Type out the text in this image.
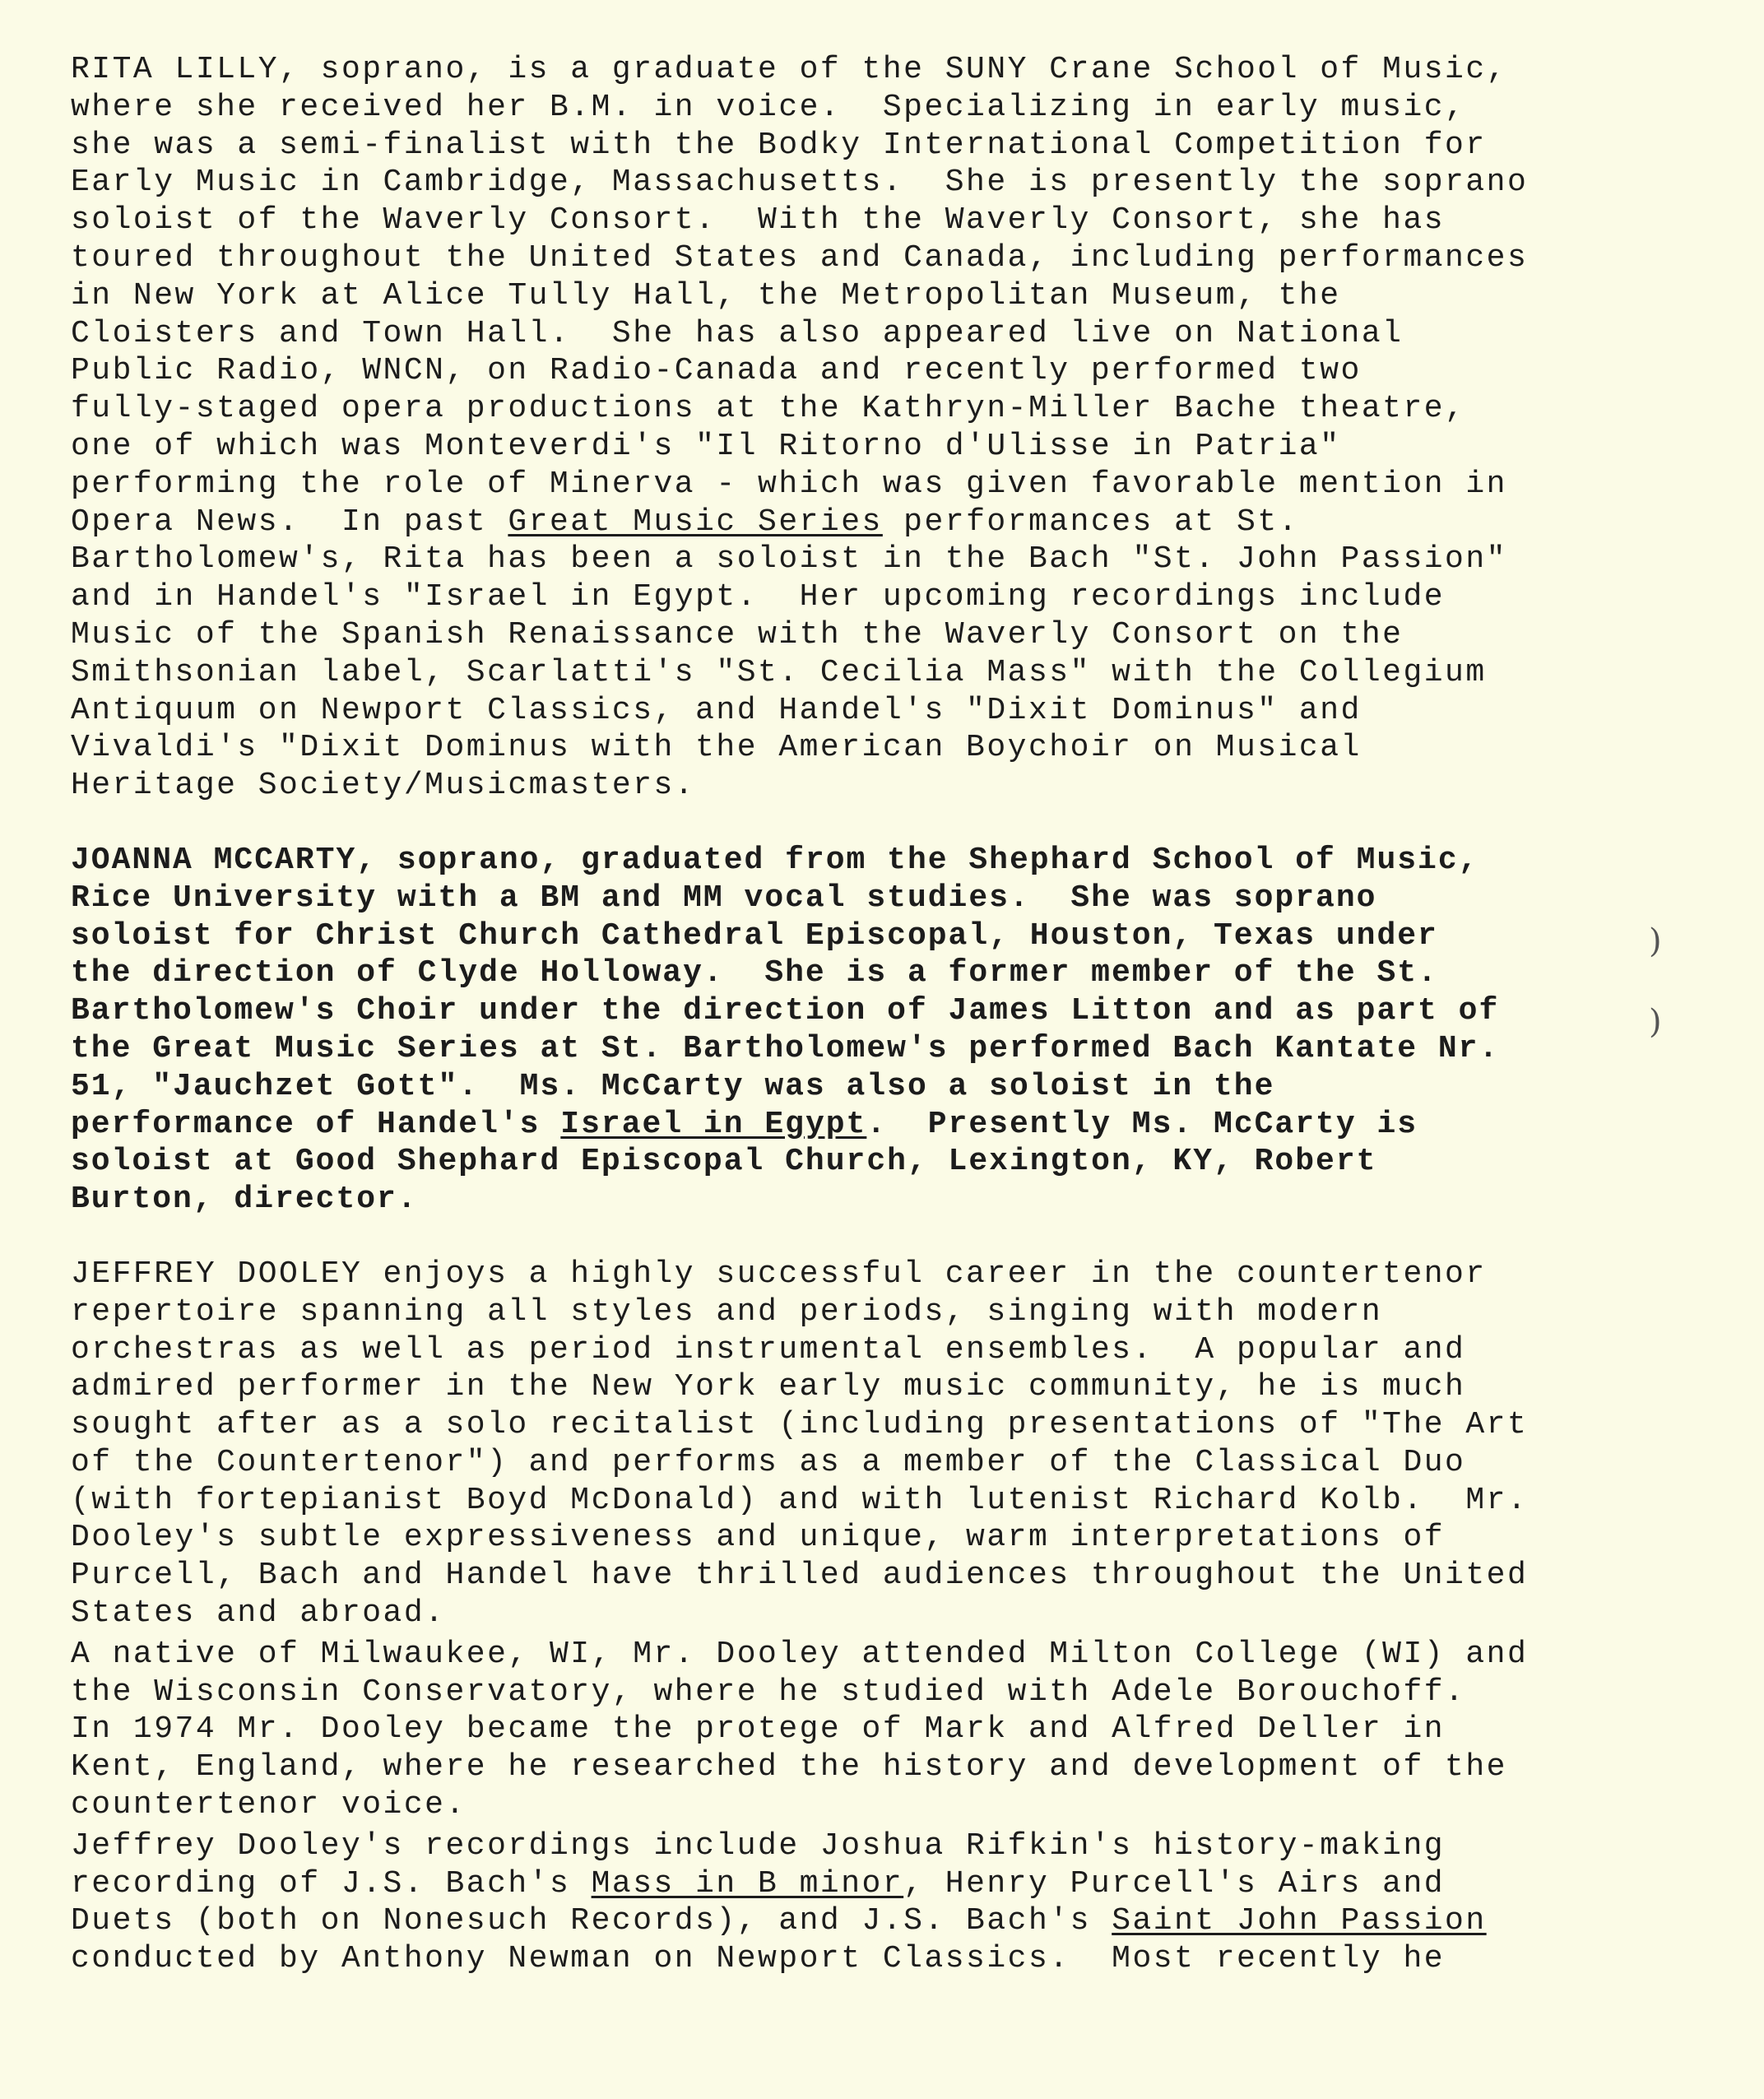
RITA LILLY, soprano, is a graduate of the SUNY Crane School of Music,
where she received her B.M. in voice.  Specializing in early music,
she was a semi-finalist with the Bodky International Competition for
Early Music in Cambridge, Massachusetts.  She is presently the soprano
soloist of the Waverly Consort.  With the Waverly Consort, she has
toured throughout the United States and Canada, including performances
in New York at Alice Tully Hall, the Metropolitan Museum, the
Cloisters and Town Hall.  She has also appeared live on National
Public Radio, WNCN, on Radio-Canada and recently performed two
fully-staged opera productions at the Kathryn-Miller Bache theatre,
one of which was Monteverdi's "Il Ritorno d'Ulisse in Patria"
performing the role of Minerva - which was given favorable mention in
Opera News.  In past Great Music Series performances at St.
Bartholomew's, Rita has been a soloist in the Bach "St. John Passion"
and in Handel's "Israel in Egypt.  Her upcoming recordings include
Music of the Spanish Renaissance with the Waverly Consort on the
Smithsonian label, Scarlatti's "St. Cecilia Mass" with the Collegium
Antiquum on Newport Classics, and Handel's "Dixit Dominus" and
Vivaldi's "Dixit Dominus with the American Boychoir on Musical
Heritage Society/Musicmasters.
JOANNA MCCARTY, soprano, graduated from the Shephard School of Music,
Rice University with a BM and MM vocal studies.  She was soprano
soloist for Christ Church Cathedral Episcopal, Houston, Texas under
the direction of Clyde Holloway.  She is a former member of the St.
Bartholomew's Choir under the direction of James Litton and as part of
the Great Music Series at St. Bartholomew's performed Bach Kantate Nr.
51, "Jauchzet Gott".  Ms. McCarty was also a soloist in the
performance of Handel's Israel in Egypt.  Presently Ms. McCarty is
soloist at Good Shephard Episcopal Church, Lexington, KY, Robert
Burton, director.
JEFFREY DOOLEY enjoys a highly successful career in the countertenor
repertoire spanning all styles and periods, singing with modern
orchestras as well as period instrumental ensembles.  A popular and
admired performer in the New York early music community, he is much
sought after as a solo recitalist (including presentations of "The Art
of the Countertenor") and performs as a member of the Classical Duo
(with fortepianist Boyd McDonald) and with lutenist Richard Kolb.  Mr.
Dooley's subtle expressiveness and unique, warm interpretations of
Purcell, Bach and Handel have thrilled audiences throughout the United
States and abroad.
A native of Milwaukee, WI, Mr. Dooley attended Milton College (WI) and
the Wisconsin Conservatory, where he studied with Adele Borouchoff.
In 1974 Mr. Dooley became the protege of Mark and Alfred Deller in
Kent, England, where he researched the history and development of the
countertenor voice.
Jeffrey Dooley's recordings include Joshua Rifkin's history-making
recording of J.S. Bach's Mass in B minor, Henry Purcell's Airs and
Duets (both on Nonesuch Records), and J.S. Bach's Saint John Passion
conducted by Anthony Newman on Newport Classics.  Most recently he
)
)
